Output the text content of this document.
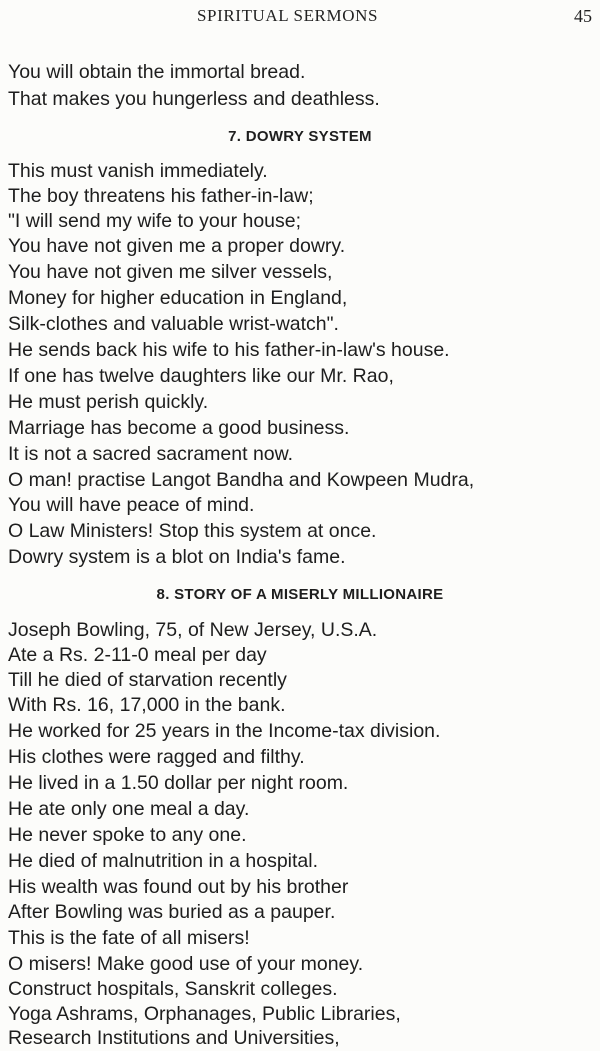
SPIRITUAL SERMONS	45
You will obtain the immortal bread.
That makes you hungerless and deathless.
7. DOWRY SYSTEM
This must vanish immediately.
The boy threatens his father-in-law;
"I will send my wife to your house;
You have not given me a proper dowry.
You have not given me silver vessels,
Money for higher education in England,
Silk-clothes and valuable wrist-watch".
He sends back his wife to his father-in-law's house.
If one has twelve daughters like our Mr. Rao,
He must perish quickly.
Marriage has become a good business.
It is not a sacred sacrament now.
O man! practise Langot Bandha and Kowpeen Mudra,
You will have peace of mind.
O Law Ministers! Stop this system at once.
Dowry system is a blot on India's fame.
8. STORY OF A MISERLY MILLIONAIRE
Joseph Bowling, 75, of New Jersey, U.S.A.
Ate a Rs. 2-11-0 meal per day
Till he died of starvation recently
With Rs. 16, 17,000 in the bank.
He worked for 25 years in the Income-tax division.
His clothes were ragged and filthy.
He lived in a 1.50 dollar per night room.
He ate only one meal a day.
He never spoke to any one.
He died of malnutrition in a hospital.
His wealth was found out by his brother
After Bowling was buried as a pauper.
This is the fate of all misers!
O misers! Make good use of your money.
Construct hospitals, Sanskrit colleges.
Yoga Ashrams, Orphanages, Public Libraries,
Research Institutions and Universities,
